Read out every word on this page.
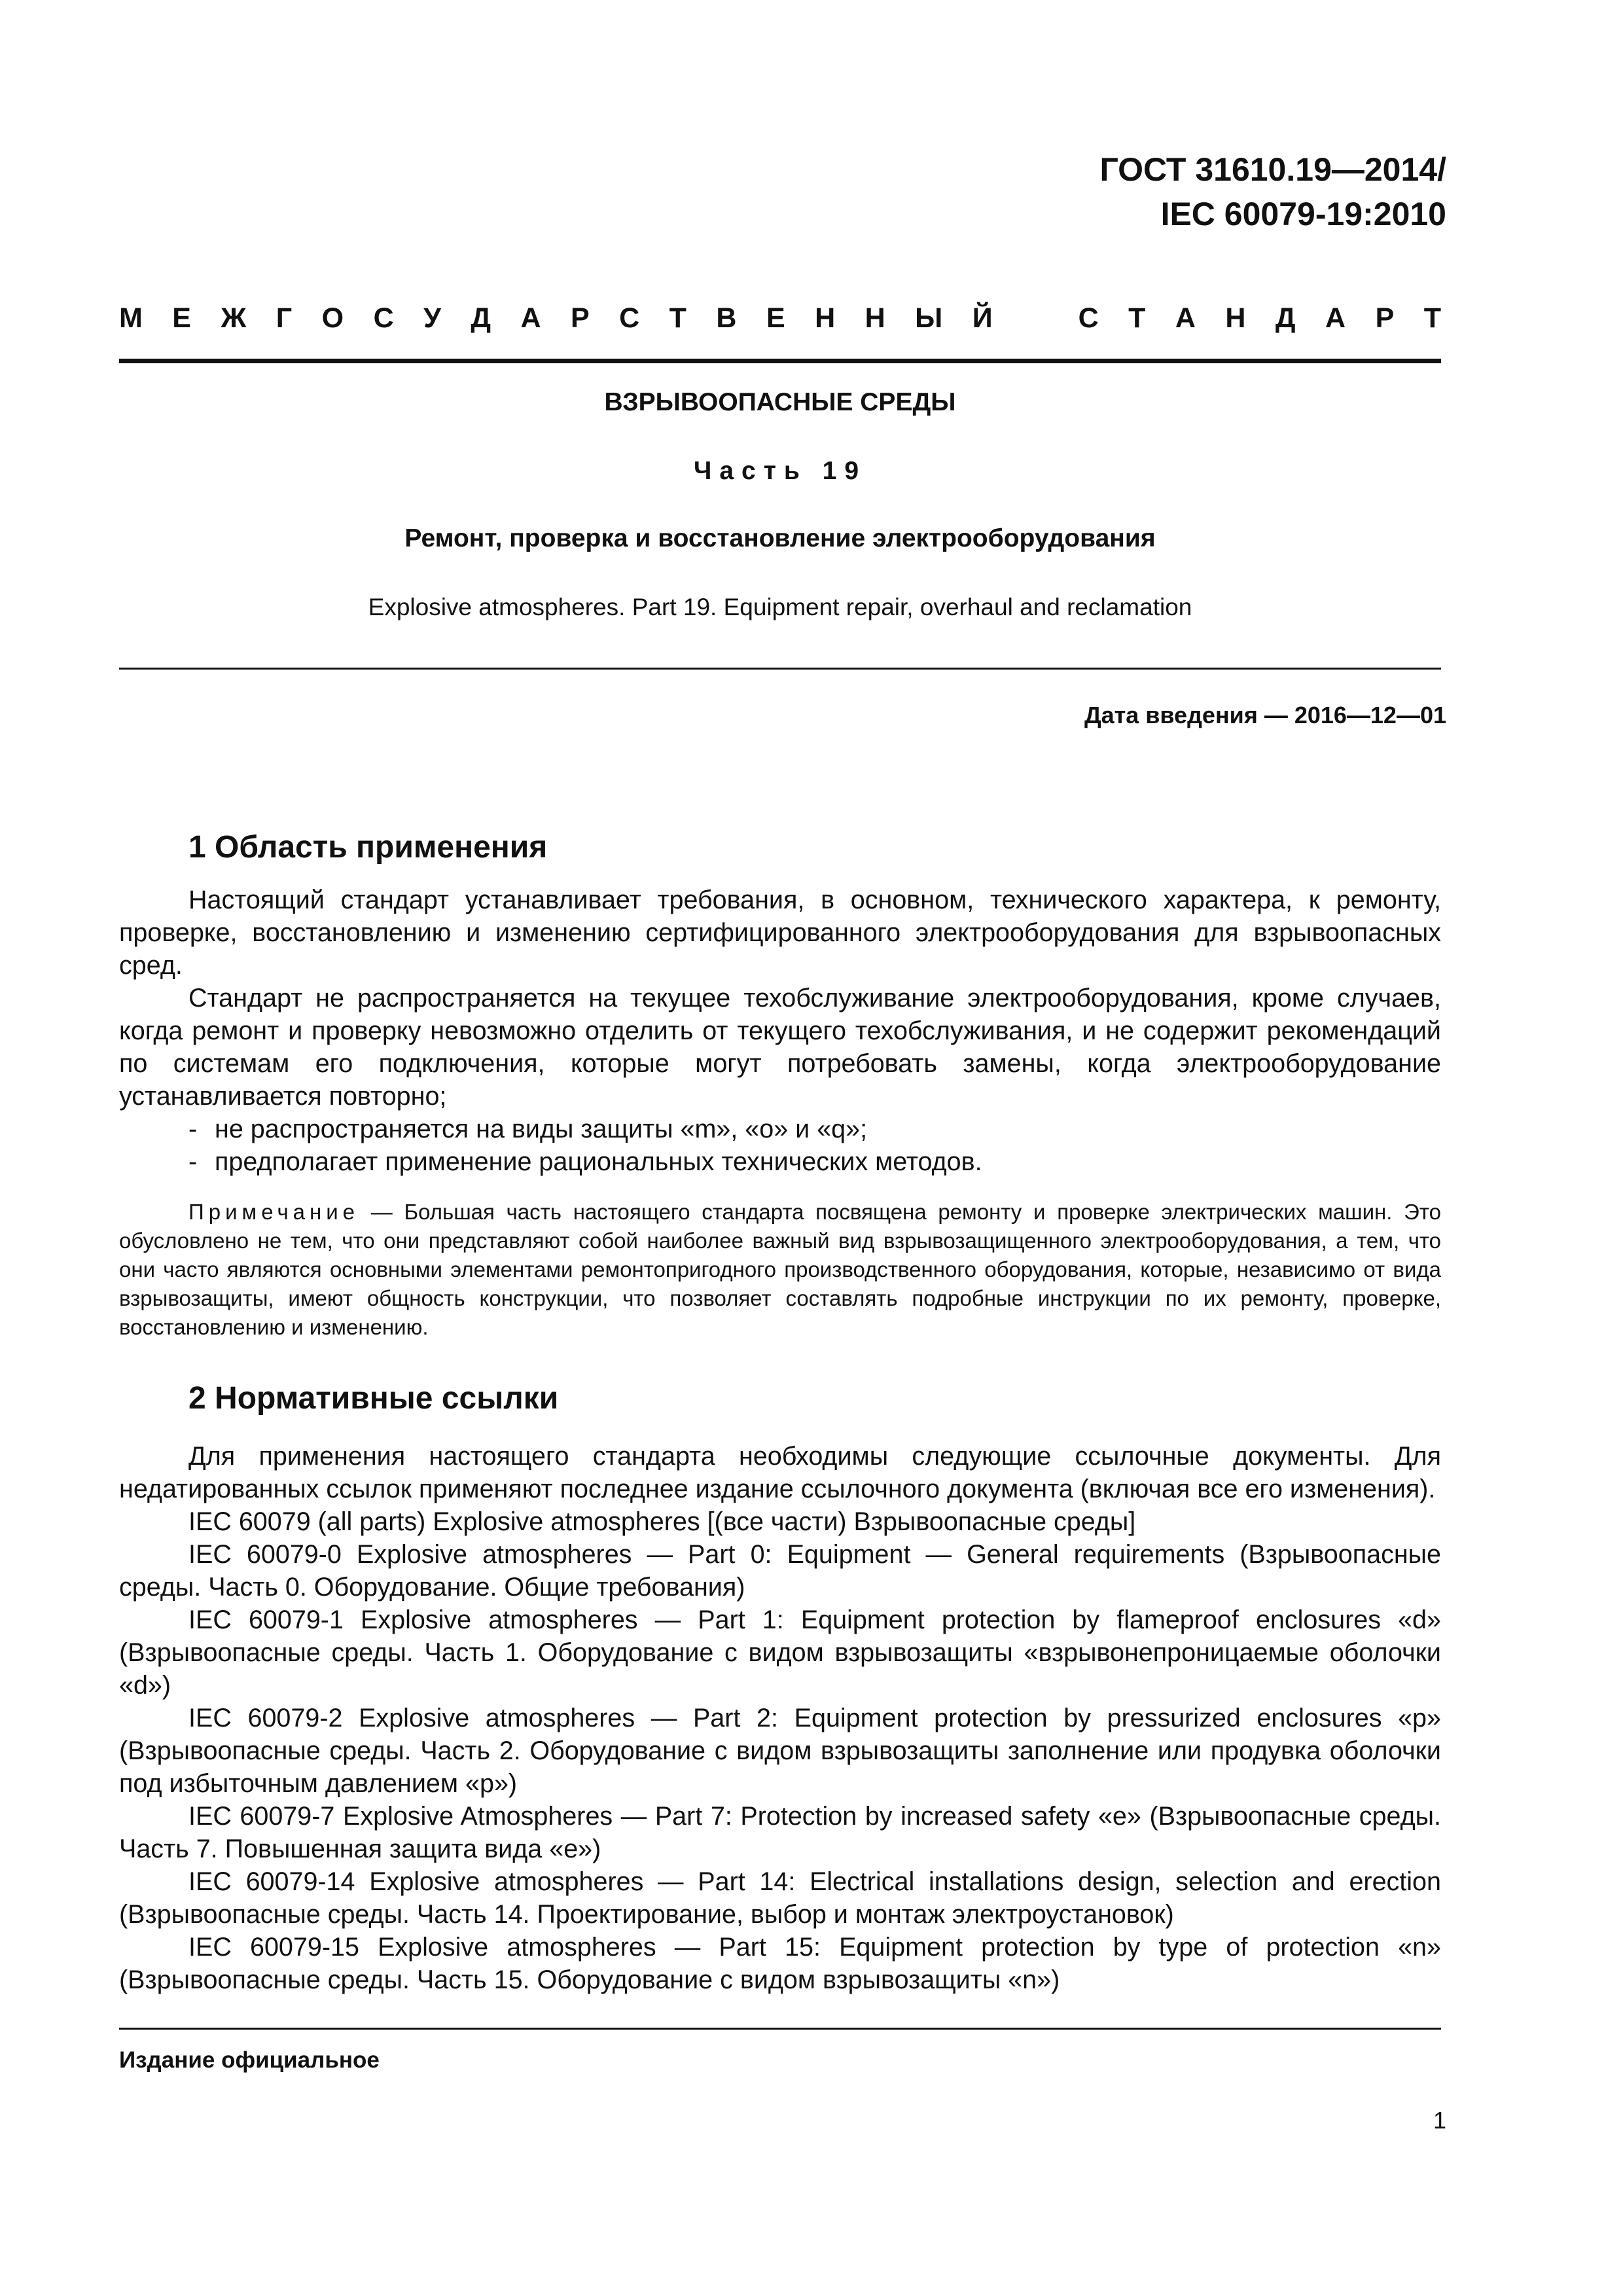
ГОСТ 31610.19—2014/
IEC 60079-19:2010
М Е Ж Г О С У Д А Р С Т В Е Н Н Ы Й	С Т А Н Д А Р Т
ВЗРЫВООПАСНЫЕ СРЕДЫ
Часть 19
Ремонт, проверка и восстановление электрооборудования
Explosive atmospheres. Part 19. Equipment repair, overhaul and reclamation
Дата введения — 2016—12—01
1 Область применения

Настоящий стандарт устанавливает требования, в основном, технического характера, к ремонту, проверке, восстановлению и изменению сертифицированного электрооборудования для взрывоопасных сред.

Стандарт не распространяется на текущее техобслуживание электрооборудования, кроме случаев, когда ремонт и проверку невозможно отделить от текущего техобслуживания, и не содержит рекомендаций по системам его подключения, которые могут потребовать замены, когда электрооборудование устанавливается повторно;

- не распространяется на виды защиты «m», «o» и «q»;

- предполагает применение рациональных технических методов.

Примечание — Большая часть настоящего стандарта посвящена ремонту и проверке электрических машин. Это обусловлено не тем, что они представляют собой наиболее важный вид взрывозащищенного электрооборудования, а тем, что они часто являются основными элементами ремонтопригодного производственного оборудования, которые, независимо от вида взрывозащиты, имеют общность конструкции, что позволяет составлять подробные инструкции по их ремонту, проверке, восстановлению и изменению.

2 Нормативные ссылки

Для применения настоящего стандарта необходимы следующие ссылочные документы. Для недатированных ссылок применяют последнее издание ссылочного документа (включая все его изменения).

IEC 60079 (all parts) Explosive atmospheres [(все части) Взрывоопасные среды]

IEC 60079-0 Explosive atmospheres — Part 0: Equipment — General requirements (Взрывоопасные среды. Часть 0. Оборудование. Общие требования)

IEC 60079-1 Explosive atmospheres — Part 1: Equipment protection by flameproof enclosures «d» (Взрывоопасные среды. Часть 1. Оборудование с видом взрывозащиты «взрывонепроницаемые оболочки «d»)

IEC 60079-2 Explosive atmospheres — Part 2: Equipment protection by pressurized enclosures «p» (Взрывоопасные среды. Часть 2. Оборудование с видом взрывозащиты заполнение или продувка оболочки под избыточным давлением «p»)

IEC 60079-7 Explosive Atmospheres — Part 7: Protection by increased safety «e» (Взрывоопасные среды. Часть 7. Повышенная защита вида «e»)

IEC 60079-14 Explosive atmospheres — Part 14: Electrical installations design, selection and erection (Взрывоопасные среды. Часть 14. Проектирование, выбор и монтаж электроустановок)

IEC 60079-15 Explosive atmospheres — Part 15: Equipment protection by type of protection «n» (Взрывоопасные среды. Часть 15. Оборудование с видом взрывозащиты «n»)

Издание официальное
1
